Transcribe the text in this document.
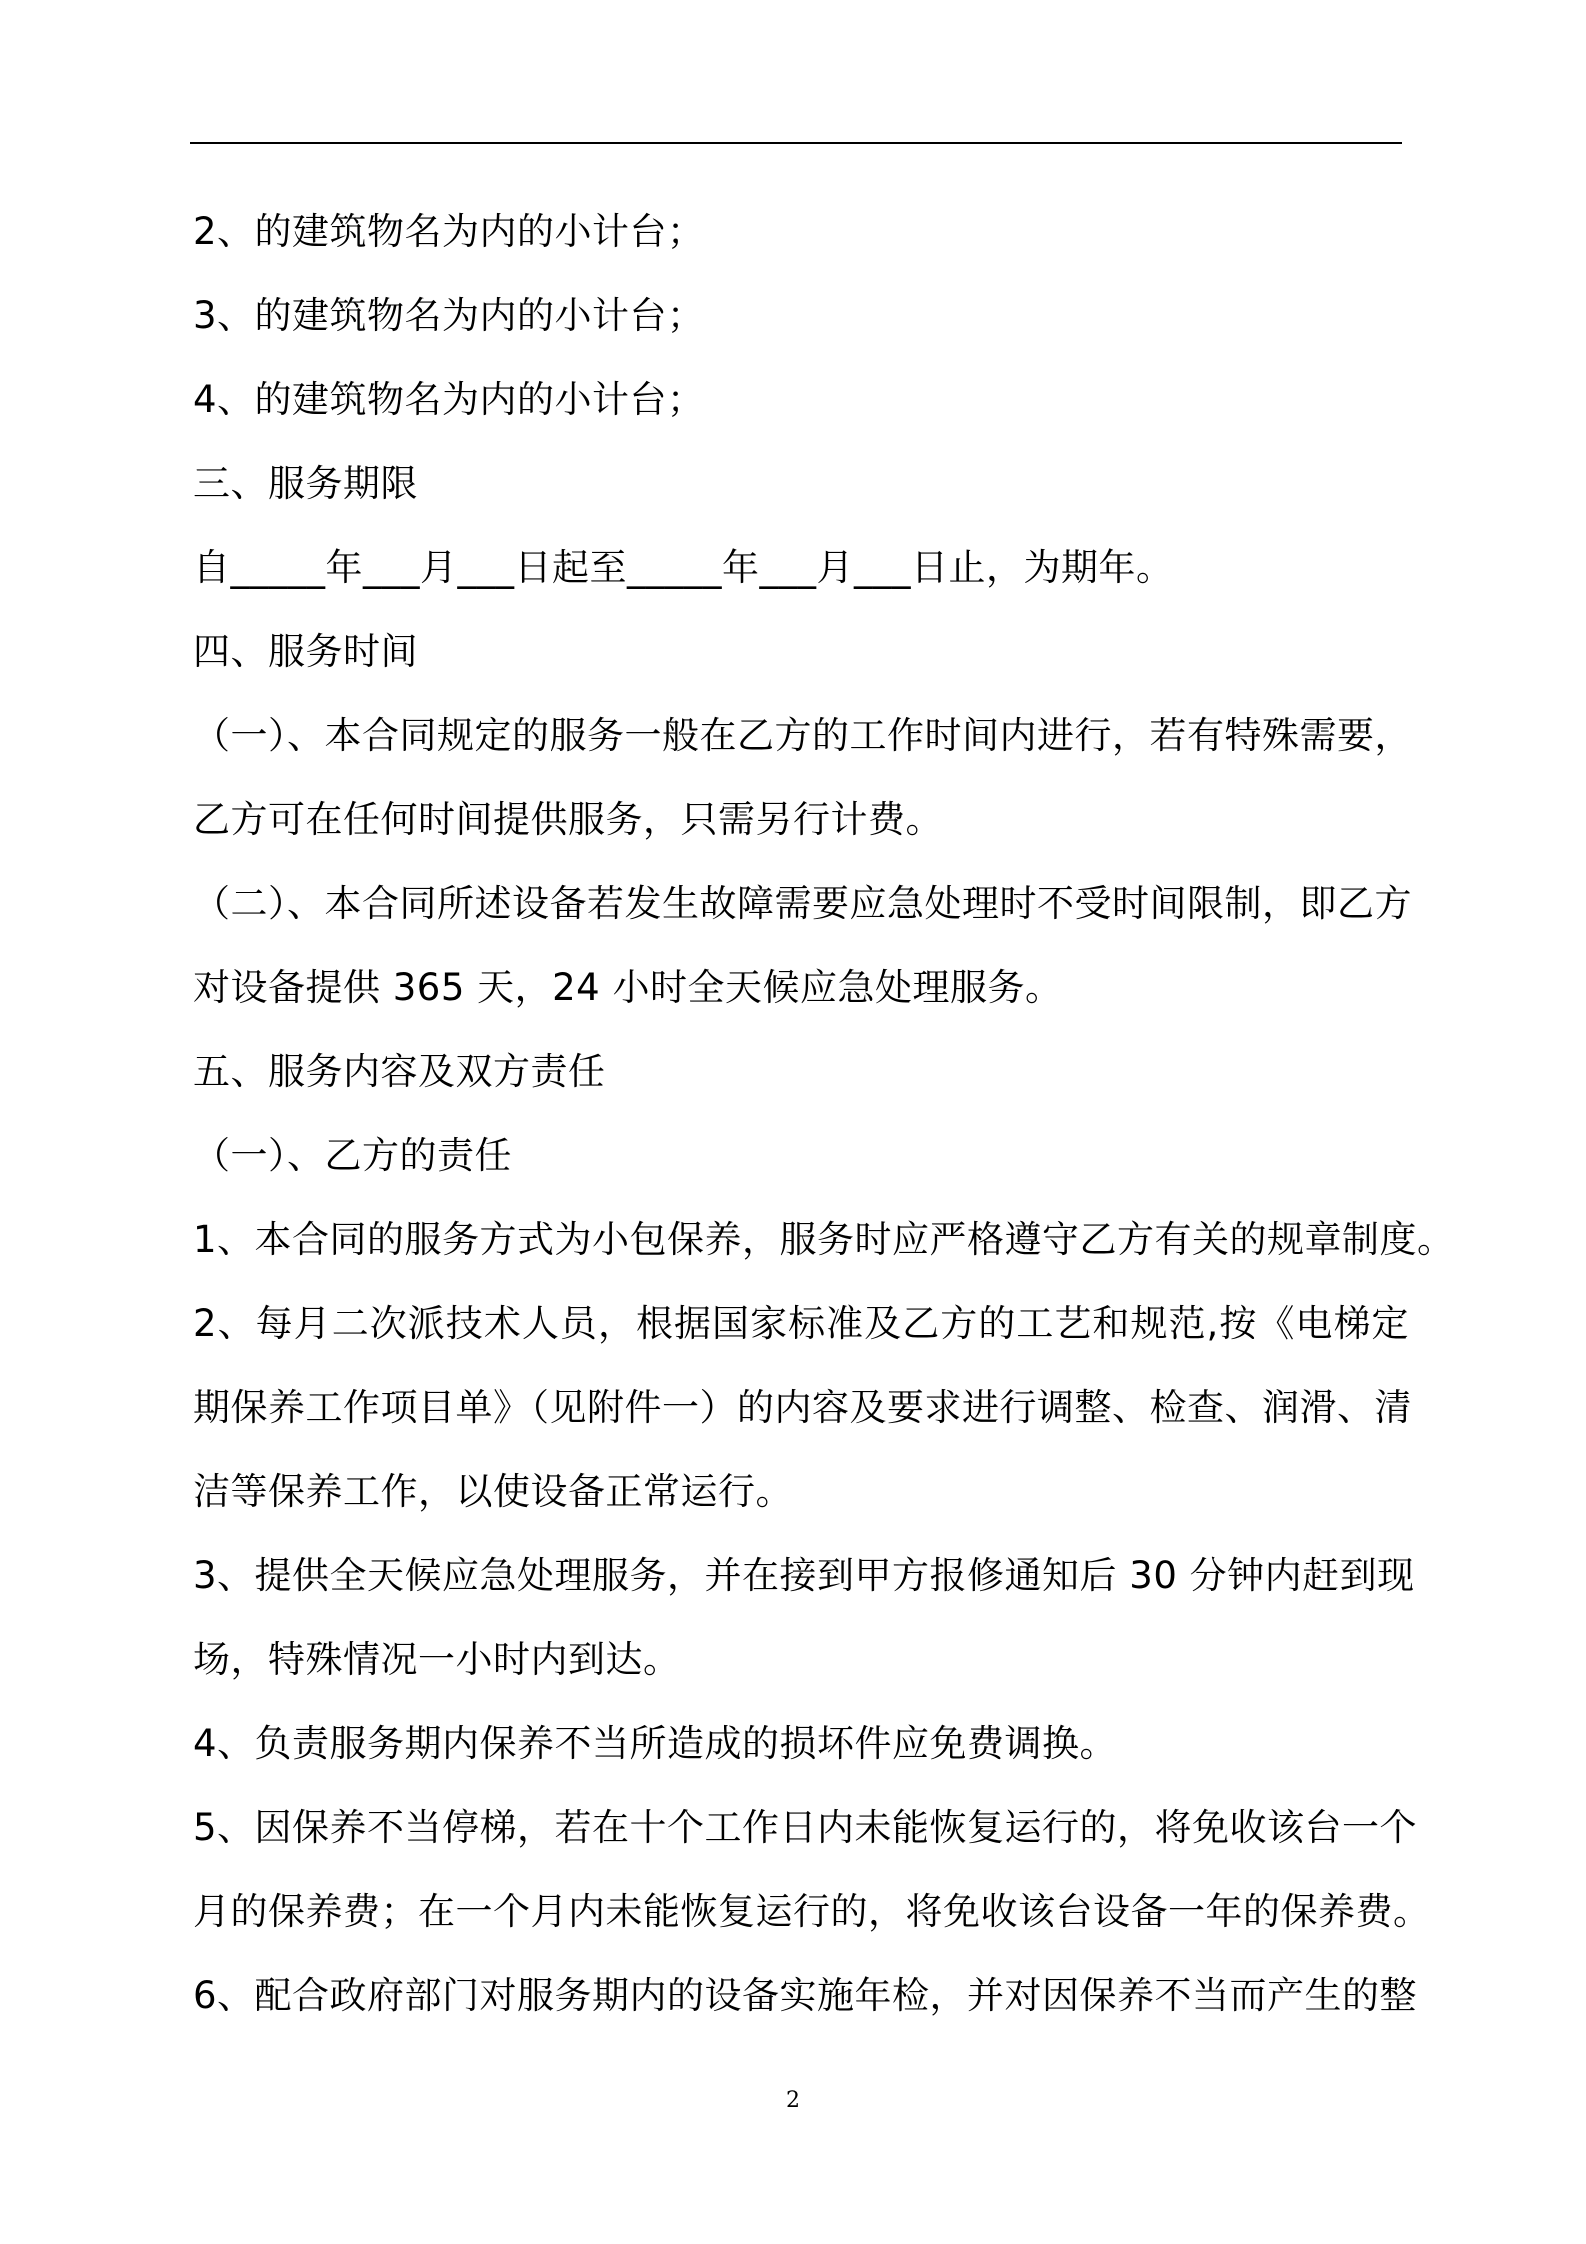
2、的建筑物名为内的小计台；
3、的建筑物名为内的小计台；
4、的建筑物名为内的小计台；
三、服务期限
自_____年___月___日起至_____年___月___日止，为期年。
四、服务时间
（一）、本合同规定的服务一般在乙方的工作时间内进行，若有特殊需要，
乙方可在任何时间提供服务，只需另行计费。
（二）、本合同所述设备若发生故障需要应急处理时不受时间限制，即乙方
对设备提供 365 天，24 小时全天候应急处理服务。
五、服务内容及双方责任
（一）、乙方的责任
1、本合同的服务方式为小包保养，服务时应严格遵守乙方有关的规章制度。
2、每月二次派技术人员，根据国家标准及乙方的工艺和规范,按《电梯定
期保养工作项目单》（见附件一）的内容及要求进行调整、检查、润滑、清
洁等保养工作，以使设备正常运行。
3、提供全天候应急处理服务，并在接到甲方报修通知后 30 分钟内赶到现
场，特殊情况一小时内到达。
4、负责服务期内保养不当所造成的损坏件应免费调换。
5、因保养不当停梯，若在十个工作日内未能恢复运行的，将免收该台一个
月的保养费；在一个月内未能恢复运行的，将免收该台设备一年的保养费。
6、配合政府部门对服务期内的设备实施年检，并对因保养不当而产生的整
2
